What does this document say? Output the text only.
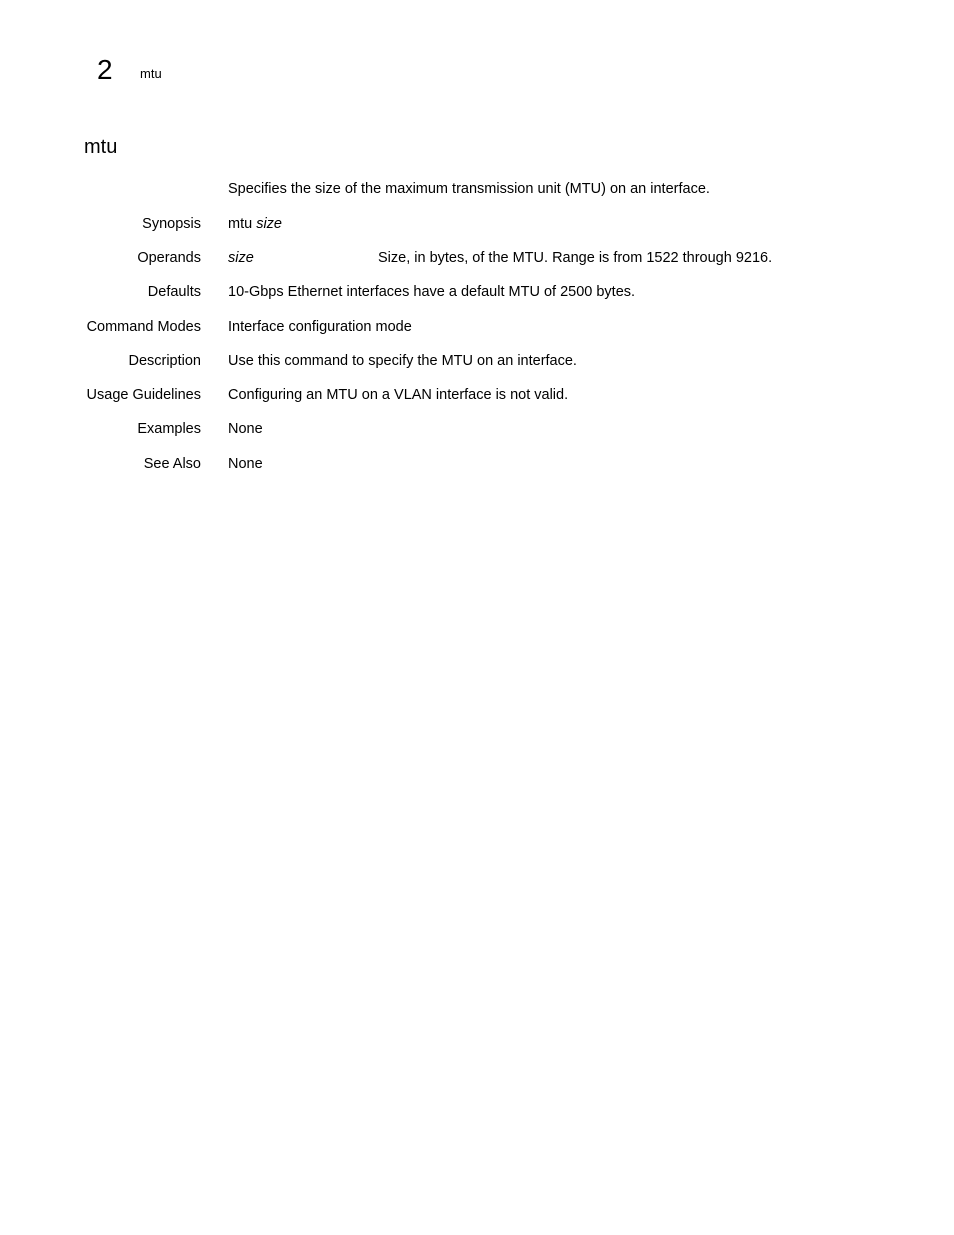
2 mtu
mtu
Specifies the size of the maximum transmission unit (MTU) on an interface.
Synopsis mtu size
Operands size	Size, in bytes, of the MTU. Range is from 1522 through 9216.
Defaults 10-Gbps Ethernet interfaces have a default MTU of 2500 bytes.
Command Modes Interface configuration mode
Description Use this command to specify the MTU on an interface.
Usage Guidelines Configuring an MTU on a VLAN interface is not valid.
Examples None
See Also None
